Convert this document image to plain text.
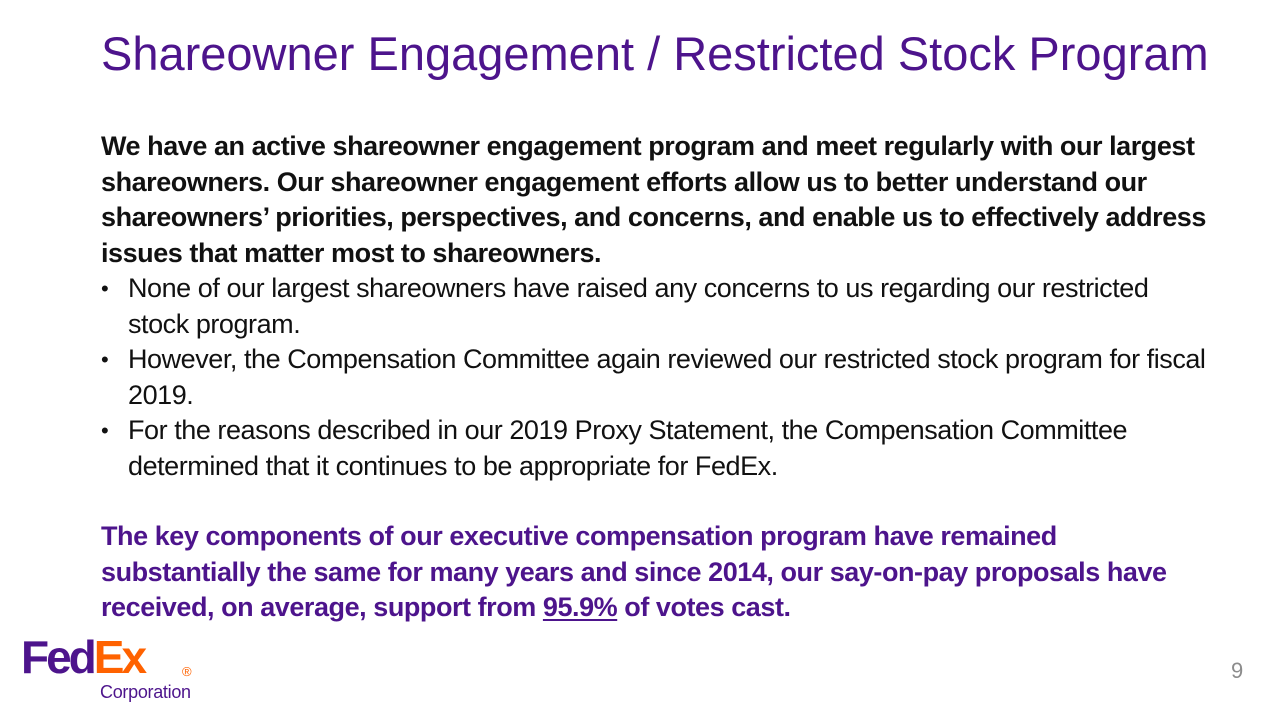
Shareowner Engagement / Restricted Stock Program

We have an active shareowner engagement program and meet regularly with our largest shareowners. Our shareowner engagement efforts allow us to better understand our shareowners’ priorities, perspectives, and concerns, and enable us to effectively address issues that matter most to shareowners.

• None of our largest shareowners have raised any concerns to us regarding our restricted stock program.
• However, the Compensation Committee again reviewed our restricted stock program for fiscal 2019.
• For the reasons described in our 2019 Proxy Statement, the Compensation Committee determined that it continues to be appropriate for FedEx.

The key components of our executive compensation program have remained substantially the same for many years and since 2014, our say-on-pay proposals have received, on average, support from 95.9% of votes cast.

FedEx	®
Corporation
9
